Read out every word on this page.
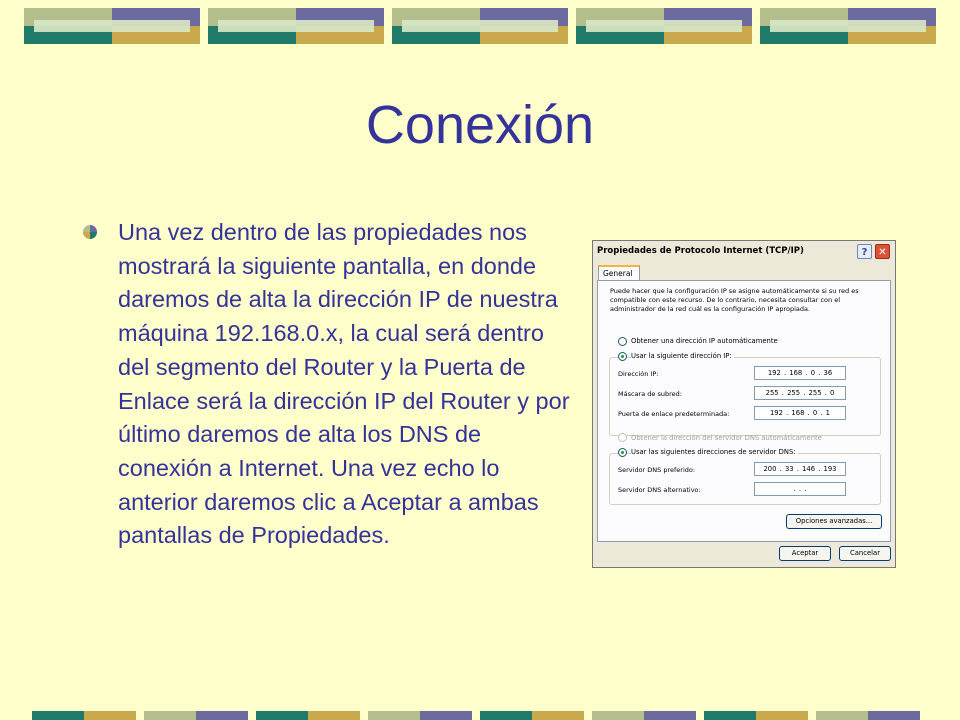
Conexión
Una vez dentro de las propiedades nos mostrará la siguiente pantalla, en donde daremos de alta la dirección IP de nuestra máquina 192.168.0.x, la cual será dentro del segmento del Router y la Puerta de Enlace será la dirección IP del Router y por último daremos de alta los DNS de conexión a Internet. Una vez echo lo anterior daremos clic a Aceptar a ambas pantallas de Propiedades.
Propiedades de Protocolo Internet (TCP/IP)	?	✕
General
Puede hacer que la configuración IP se asigne automáticamente si su red es compatible con este recurso. De lo contrario, necesita consultar con el administrador de la red cuál es la configuración IP apropiada.
Obtener una dirección IP automáticamente
Usar la siguiente dirección IP:
Dirección IP:	192 . 168 . 0 . 36
Máscara de subred:	255 . 255 . 255 . 0
Puerta de enlace predeterminada:	192 . 168 . 0 . 1
Obtener la dirección del servidor DNS automáticamente
Usar las siguientes direcciones de servidor DNS:
Servidor DNS preferido:	200 . 33 . 146 . 193
Servidor DNS alternativo:	. . .
Opciones avanzadas...
Aceptar	Cancelar
